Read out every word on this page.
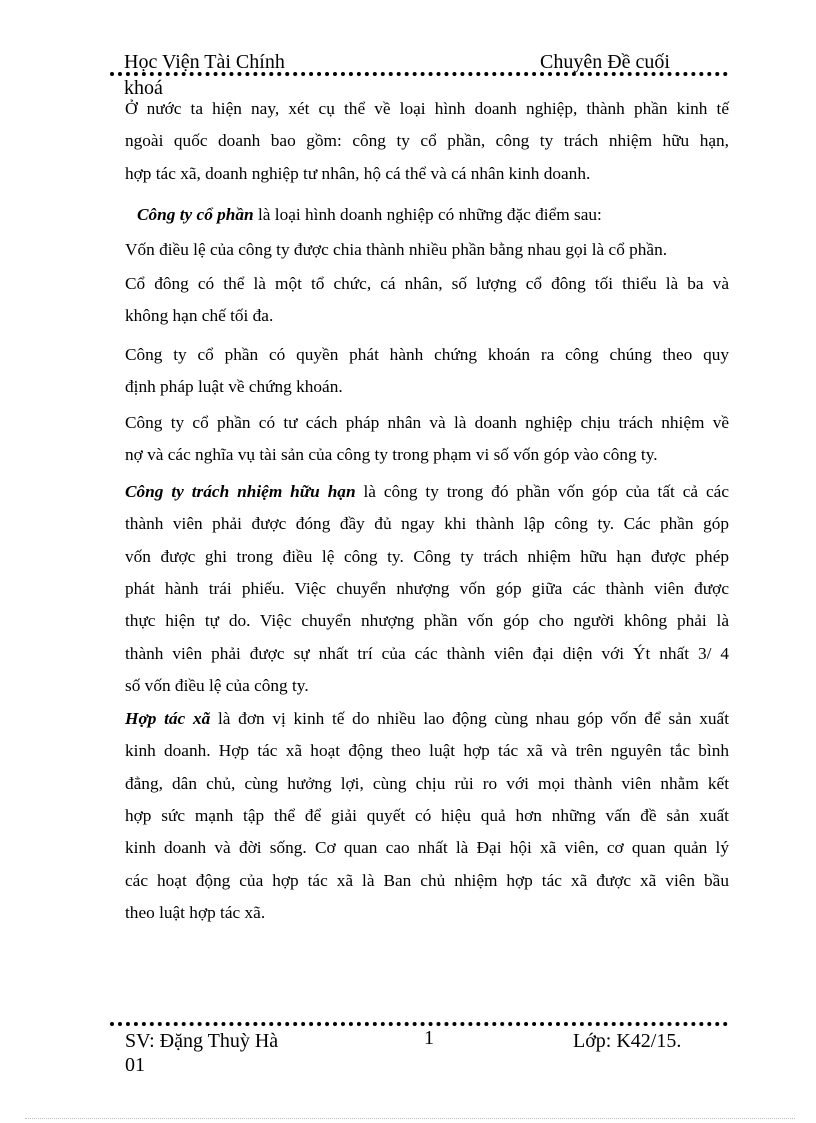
Học Viện Tài Chính	Chuyên Đề cuối
khoá
Ở nước ta hiện nay, xét cụ thể về loại hình doanh nghiệp, thành phần kinh tế
ngoài quốc doanh bao gồm: công ty cổ phần, công ty trách nhiệm hữu hạn,
hợp tác xã, doanh nghiệp tư nhân, hộ cá thể và cá nhân kinh doanh.
Công ty cổ phần là loại hình doanh nghiệp có những đặc điểm sau:
Vốn điều lệ của công ty được chia thành nhiều phần bằng nhau gọi là cổ phần.
Cổ đông có thể là một tổ chức, cá nhân, số lượng cổ đông tối thiểu là ba và
không hạn chế tối đa.
Công ty cổ phần có quyền phát hành chứng khoán ra công chúng theo quy
định pháp luật về chứng khoán.
Công ty cổ phần có tư cách pháp nhân và là doanh nghiệp chịu trách nhiệm về
nợ và các nghĩa vụ tài sản của công ty trong phạm vi số vốn góp vào công ty.
Công ty trách nhiệm hữu hạn là công ty trong đó phần vốn góp của tất cả các
thành viên phải được đóng đầy đủ ngay khi thành lập công ty. Các phần góp
vốn được ghi trong điều lệ công ty. Công ty trách nhiệm hữu hạn được phép
phát hành trái phiếu. Việc chuyển nhượng vốn góp giữa các thành viên được
thực hiện tự do. Việc chuyển nhượng phần vốn góp cho người không phải là
thành viên phải được sự nhất trí của các thành viên đại diện với Ýt nhất 3/ 4
số vốn điều lệ của công ty.
Hợp tác xã là đơn vị kinh tế do nhiều lao động cùng nhau góp vốn để sản xuất
kinh doanh. Hợp tác xã hoạt động theo luật hợp tác xã và trên nguyên tắc bình
đẳng, dân chủ, cùng hưởng lợi, cùng chịu rủi ro với mọi thành viên nhằm kết
hợp sức mạnh tập thể để giải quyết có hiệu quả hơn những vấn đề sản xuất
kinh doanh và đời sống. Cơ quan cao nhất là Đại hội xã viên, cơ quan quản lý
các hoạt động của hợp tác xã là Ban chủ nhiệm hợp tác xã được xã viên bầu
theo luật hợp tác xã.
SV: Đặng Thuỳ Hà	1	Lớp: K42/15.
01
